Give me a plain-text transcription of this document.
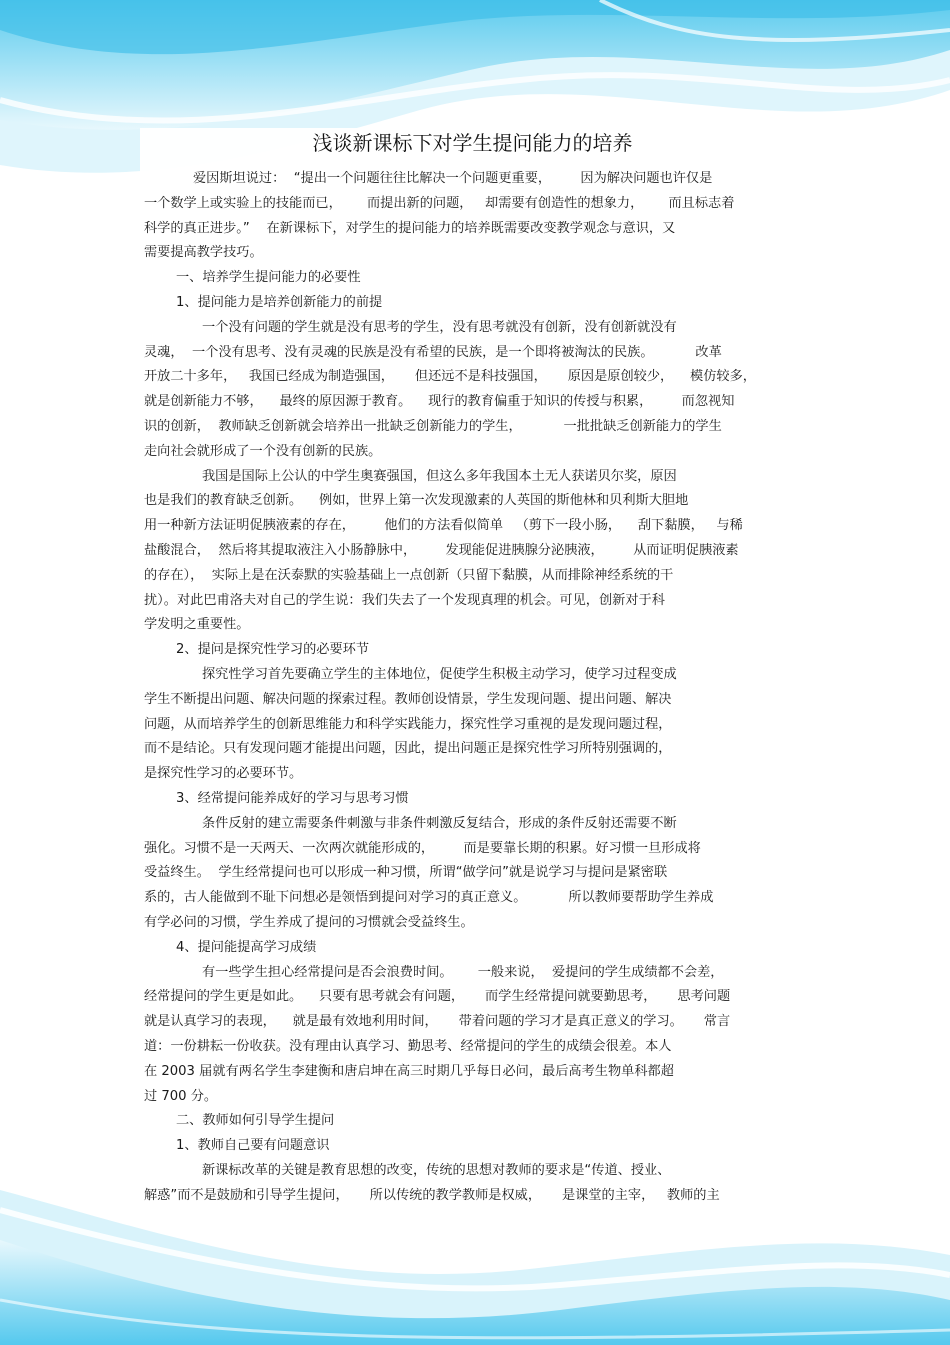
浅谈新课标下对学生提问能力的培养
爱因斯坦说过：  “提出一个问题往往比解决一个问题更重要，       因为解决问题也许仅是
一个数学上或实验上的技能而已，      而提出新的问题，   却需要有创造性的想象力，      而且标志着
科学的真正进步。”    在新课标下，对学生的提问能力的培养既需要改变教学观念与意识，又
需要提高教学技巧。
一、培养学生提问能力的必要性
1、提问能力是培养创新能力的前提
一个没有问题的学生就是没有思考的学生，没有思考就没有创新，没有创新就没有
灵魂，  一个没有思考、没有灵魂的民族是没有希望的民族，是一个即将被淘汰的民族。          改革
开放二十多年，   我国已经成为制造强国，     但还远不是科技强国，     原因是原创较少，    模仿较多，
就是创新能力不够，    最终的原因源于教育。    现行的教育偏重于知识的传授与积累，       而忽视知
识的创新，  教师缺乏创新就会培养出一批缺乏创新能力的学生，          一批批缺乏创新能力的学生
走向社会就形成了一个没有创新的民族。
我国是国际上公认的中学生奥赛强国，但这么多年我国本土无人获诺贝尔奖，原因
也是我们的教育缺乏创新。    例如，世界上第一次发现激素的人英国的斯他林和贝利斯大胆地
用一种新方法证明促胰液素的存在，       他们的方法看似简单   （剪下一段小肠，    刮下黏膜，   与稀
盐酸混合，  然后将其提取液注入小肠静脉中，       发现能促进胰腺分泌胰液，       从而证明促胰液素
的存在），  实际上是在沃泰默的实验基础上一点创新（只留下黏膜，从而排除神经系统的干
扰）。对此巴甫洛夫对自己的学生说：我们失去了一个发现真理的机会。可见，创新对于科
学发明之重要性。
2、提问是探究性学习的必要环节
探究性学习首先要确立学生的主体地位，促使学生积极主动学习，使学习过程变成
学生不断提出问题、解决问题的探索过程。教师创设情景，学生发现问题、提出问题、解决
问题，从而培养学生的创新思维能力和科学实践能力，探究性学习重视的是发现问题过程，
而不是结论。只有发现问题才能提出问题，因此，提出问题正是探究性学习所特别强调的，
是探究性学习的必要环节。
3、经常提问能养成好的学习与思考习惯
条件反射的建立需要条件刺激与非条件刺激反复结合，形成的条件反射还需要不断
强化。习惯不是一天两天、一次两次就能形成的，       而是要靠长期的积累。好习惯一旦形成将
受益终生。  学生经常提问也可以形成一种习惯，所谓“做学问”就是说学习与提问是紧密联
系的，古人能做到不耻下问想必是领悟到提问对学习的真正意义。          所以教师要帮助学生养成
有学必问的习惯，学生养成了提问的习惯就会受益终生。
4、提问能提高学习成绩
有一些学生担心经常提问是否会浪费时间。      一般来说，  爱提问的学生成绩都不会差，
经常提问的学生更是如此。    只要有思考就会有问题，     而学生经常提问就要勤思考，     思考问题
就是认真学习的表现，    就是最有效地利用时间，     带着问题的学习才是真正意义的学习。     常言
道：一份耕耘一份收获。没有理由认真学习、勤思考、经常提问的学生的成绩会很差。本人
在 2003 届就有两名学生李建衡和唐启坤在高三时期几乎每日必问，最后高考生物单科都超
过 700 分。
二、教师如何引导学生提问
1、教师自己要有问题意识
新课标改革的关键是教育思想的改变，传统的思想对教师的要求是“传道、授业、
解惑”而不是鼓励和引导学生提问，     所以传统的教学教师是权威，     是课堂的主宰，   教师的主
